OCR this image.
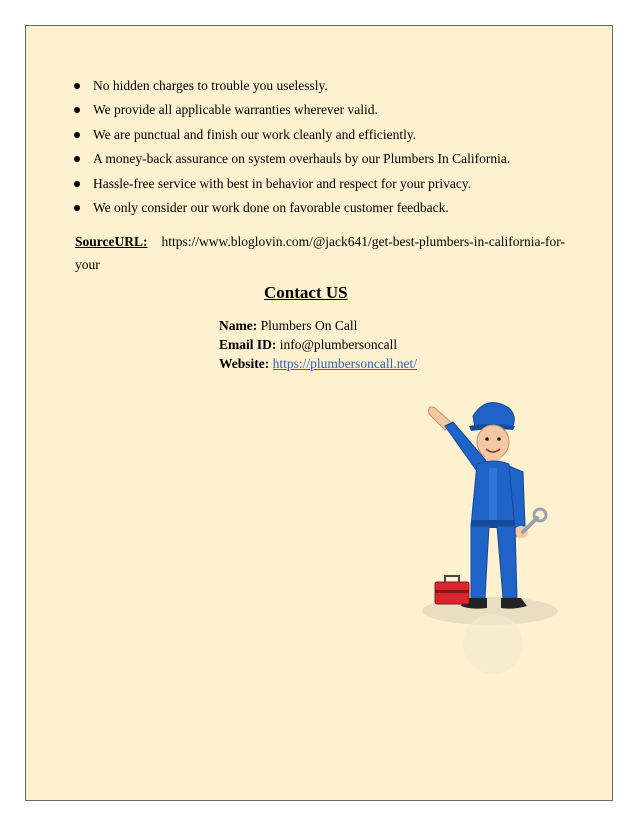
No hidden charges to trouble you uselessly.
We provide all applicable warranties wherever valid.
We are punctual and finish our work cleanly and efficiently.
A money-back assurance on system overhauls by our Plumbers In California.
Hassle-free service with best in behavior and respect for your privacy.
We only consider our work done on favorable customer feedback.
SourceURL: https://www.bloglovin.com/@jack641/get-best-plumbers-in-california-for-
your
Contact US
Name: Plumbers On Call
Email ID: info@plumbersoncall
Website: https://plumbersoncall.net/
